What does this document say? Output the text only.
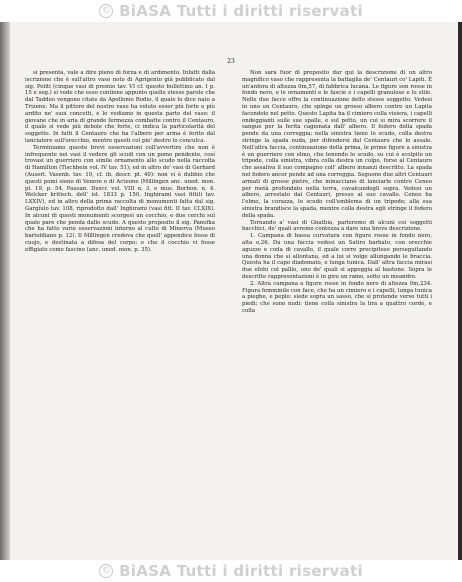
© BiASA Tutti i diritti riservati
23

si presenta, vale a dire pieno di forza e di ardimento. Infatti dalla iscrizione che è sull'altro vaso noto di Agrigento già pubblicato dal sig. Politi (cinque vasi di premio tav. VI cf. questo bullettino an. I p. 15 e seg.) si vede che esso contiene appunto quelle stesse parole che dal Taddeo vengono citate da Apollonio Rodio, il quale lo dice nato a Trizene. Ma il pittore del nostro vaso ha voluto esser più forte e più ardito ne' suoi concetti, e lo vediamo in questa parte del vaso: il giovane che in aria di grande fermezza combatte contro il Centauro, il quale si vede più debole che forte, ci indica la particolarità del soggetto. In fatti il Centauro che ha l'albero per arma è ferito dal lanciatore sull'orecchio, mentre questi col pie' destro lo conculca.

Terminiamo queste brevi osservazioni coll'avvertire che non è infrequente nei vasi il vedere gli scudi con un pomo pendente, cosí trovasi un guerriero con simile ornamento allo scudo nella raccolta di Hamilton (Tischbein vol. IV tav. 51); ed in altro de' vasi di Gerhard (Auserl. Vasenb. tav. 10, cf. ib. descr. pl. 40): non vi è dubbio che questi pomi sieno di Venere e di Acteone (Millingen anc. uned. mon. pl. 19, p. 54, Pausan. Descr. vol. VIII n. 3, e mus. Borbon. n. 4. Welcker kritisch. dell' ist. 1833 p. 150, Inghirami vasi fittili tav. LXXIV), ed in altro della prima raccolta di monumenti fatta dal sig. Gargiulo tav. 108, riprodotto dall' Inghirami (vasi fitt. II tav. CLXIX). In alcuni di questi monumenti scorgesi un cocchio, e due cerchi sul quale pare che penda dallo scudo. A questo proposito il sig. Panofka che ha fatto varie osservazioni intorno al culto di Minerva (Museo bartoldiano p. 12). Il Millingen credeva che quell' appendice fosse di cuojo, e destinata a difesa del corpo; e che il cocchio vi fosse effigiato come fascino (anc. uned. mon. p. 35).

Non sarà fuor di proposito dar qui la descrizione di un altro magnifico vaso che rappresenta la battaglia de' Centauri co' Lapiti. È un'anfora di altezza 0m,57, di fabbrica lucana. Le figure son rosse in fondo nero, e le ornamenti e le fascie e i capelli granulose e lo stile. Nelle due facce offre la continuazione dello stesso soggetto. Vedesi in uno un Centauro, che spinge un grosso albero contro un Lapita facendolo nel petto. Questo Lapita ha il cimiero colla visiera, i capelli ondeggianti sulle sue spalle, e sul petto, un cui si mira scorrere il sangue per la ferita cagionata dall' albero. Il fodero della spada pende da una correggia; nella sinistra tiene lo scudo, colla destra stringe la spada nuda, per difendersi dal Centauro che lo assale. Nell'altra faccia, continuazione della prima, le prime figure a sinistra è un guerriero con elmo, che tenendo lo scudo, su cui è scolpito un tripode, colla sinistra, vibra colla destra un colpo, forse al Centauro che assaliva il suo compagno coll' albero innanzi descritto. La spada nel fodero ancor pende ad una correggia. Seguono due altri Centauri armati di grosse pietre, che minacciano di lanciarle contro Ceneo per metà profondato nella terra, cavalcandogli sopra. Vedesi un albero, arrestato dai Centauri, presso al suo cavallo. Ceneo ha l'elmo, la corazza, lo scudo coll'emblema di un tripode; alla sua sinistra brandisce la spada, mentre colla destra egli stringe il fodero della spada.

Tornando a' vasi di Gnathia, parleremo di alcuni coi soggetti bacchici, de' quali avremo contezza a dare una breve descrizione.

1. Campana di bassa curvatura con figure rosse in fondo nero, alta o,26. Da una faccia vedesi un Satiro barbato, con orecchie aguzze e coda di cavallo, il quale corre precipitoso perseguitando una donna che si allontana, ed a lui si volge allungando le braccia. Questa ha il capo diademato, e lunga tunica. Dall' altra faccia mirasi due efebi col pallio, uno de' quali si appoggia al bastone. Sopra le descritte rappresentazioni è in giro un ramo, sotto un meandro.

2. Altra campana a figure rosse in fondo nero di altezza 0m,234. Figura femminile con face, che ha un cimiero e i capelli, lunga tunica a pieghe, e peplo: siede sopra un sasso, che si protende verso tutti i piedi; che sono nudi: tiene colla sinistra la lira a quattro corde, e colla

© BiASA Tutti i diritti riservati
